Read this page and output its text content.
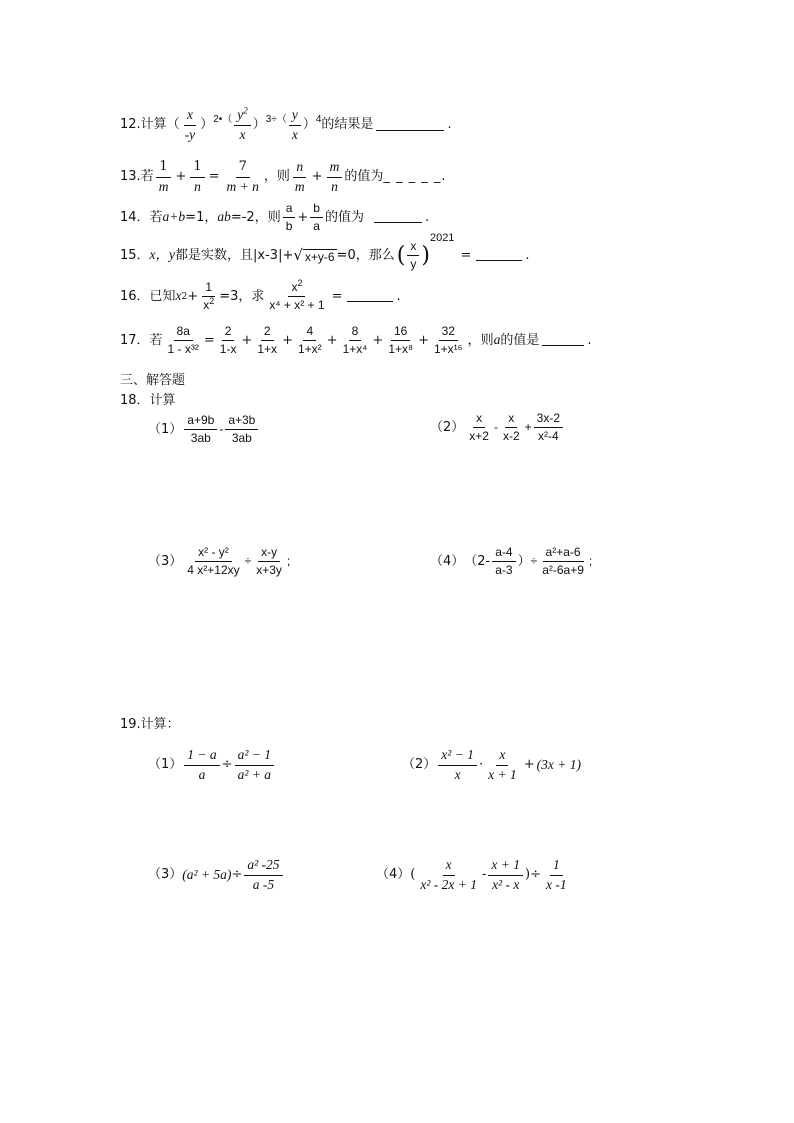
12.计算（
x
-y
） 2•（ $y^2$
x
） 3÷（ y
x
） 4 的结果是	.
13.若
1
m
+ $\frac{1}{n} = \frac{7}{m + n}$ ，则
n
m
+ $\frac{m}{n}$ 的值为 _ _ _ _ _ .
14．若 a+b =1， ab =-2，则
a
b
+ $\frac{b}{a}$ 的值为	.
15． x，y 都是实数，且|x-3|+ √ x+y-6 =0，那么 ( x
y )
2021
=	.
16．已知 x $2 + \frac{1}{x^2} =3$，求 $\frac{x^2}{\text{x⁴ + x² + 1}}$ =	.
17．若 $\frac{8a}{\text{1 - x³²}}$ =
2
1-x
+ $\frac{2}{1+x} + \frac{4}{\text{1+x²}} + \frac{8}{\text{1+x⁴}} + \frac{16}{\text{1+x⁸}} + \frac{32}{\text{1+x¹⁶}}$ ，则 a 的值是	.
三、解答题
18．计算
（1）
a+9b
3ab
-
a+3b
3ab
（2）
x
x+2
-
x
x-2
+ $\frac{3x-2}{\text{x²-4}}$
$(3) \frac{\text{x² - y²}}{\text{4 x²+12xy}} \div \frac{x-y}{x+3y}$ ;	（4） （2-
a-4
a-3
） ÷ $\frac{\text{a²+a-6}}{\text{a²-6a+9}}$ ;
19.计算：
$(1) \frac{1 - a}{a} \div \frac{\text{a² − 1}}{\text{a² + a}}$	（2）
x² − 1
x
·
x
x + 1
+ (3x + 1)
（3） $(a^2 + 5a) \div \frac{\text{a² -25}}{a -5}$	（4） (
x
x² - 2x + 1
-
x + 1
x² - x
) ÷ $\frac{1}{x -1}$
